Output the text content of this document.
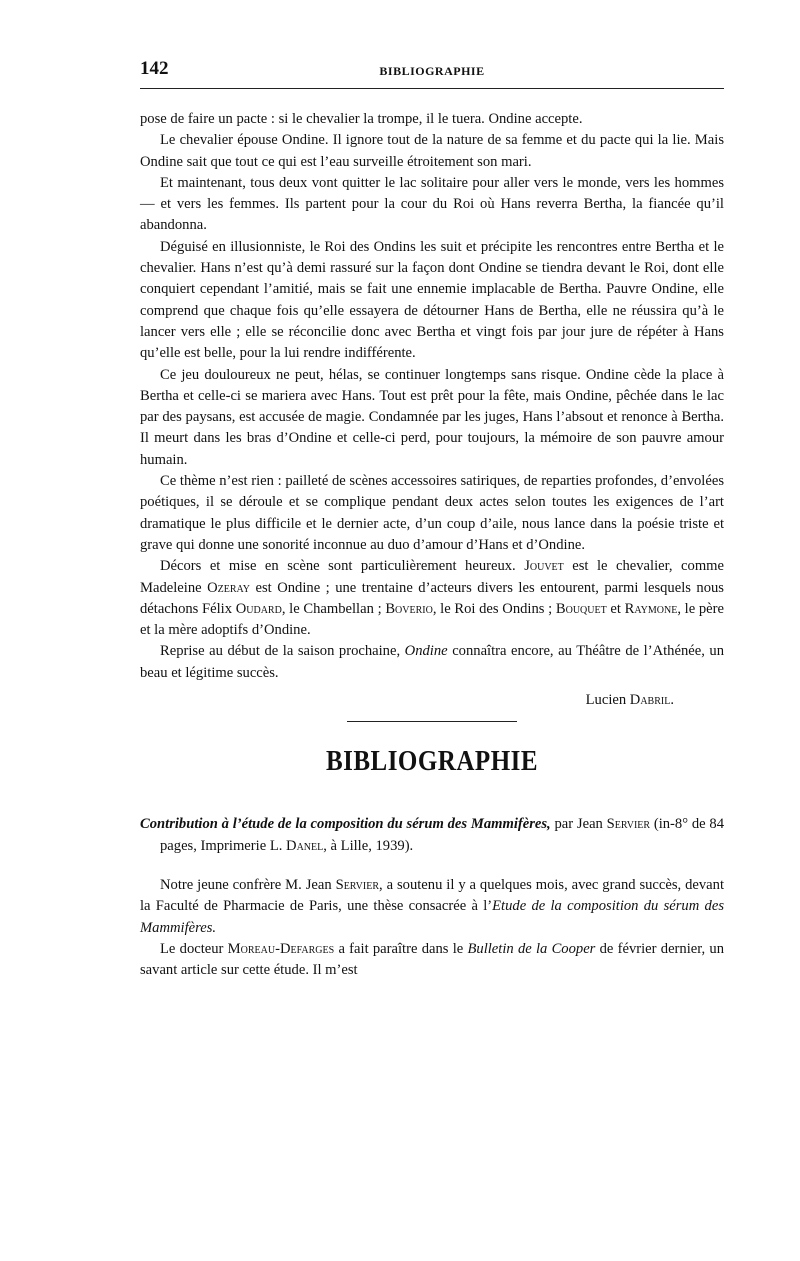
142	BIBLIOGRAPHIE

pose de faire un pacte : si le chevalier la trompe, il le tuera. Ondine accepte.

Le chevalier épouse Ondine. Il ignore tout de la nature de sa femme et du pacte qui la lie. Mais Ondine sait que tout ce qui est l’eau surveille étroitement son mari.

Et maintenant, tous deux vont quitter le lac solitaire pour aller vers le monde, vers les hommes — et vers les femmes. Ils partent pour la cour du Roi où Hans reverra Bertha, la fiancée qu’il abandonna.

Déguisé en illusionniste, le Roi des Ondins les suit et précipite les rencontres entre Bertha et le chevalier. Hans n’est qu’à demi rassuré sur la façon dont Ondine se tiendra devant le Roi, dont elle conquiert cependant l’amitié, mais se fait une ennemie implacable de Bertha. Pauvre Ondine, elle comprend que chaque fois qu’elle essayera de détourner Hans de Bertha, elle ne réussira qu’à le lancer vers elle ; elle se réconcilie donc avec Bertha et vingt fois par jour jure de répéter à Hans qu’elle est belle, pour la lui rendre indifférente.

Ce jeu douloureux ne peut, hélas, se continuer longtemps sans risque. Ondine cède la place à Bertha et celle-ci se mariera avec Hans. Tout est prêt pour la fête, mais Ondine, pêchée dans le lac par des paysans, est accusée de magie. Condamnée par les juges, Hans l’absout et renonce à Bertha. Il meurt dans les bras d’Ondine et celle-ci perd, pour toujours, la mémoire de son pauvre amour humain.

Ce thème n’est rien : pailleté de scènes accessoires satiriques, de reparties profondes, d’envolées poétiques, il se déroule et se complique pendant deux actes selon toutes les exigences de l’art dramatique le plus difficile et le dernier acte, d’un coup d’aile, nous lance dans la poésie triste et grave qui donne une sonorité inconnue au duo d’amour d’Hans et d’Ondine.

Décors et mise en scène sont particulièrement heureux. Jouvet est le chevalier, comme Madeleine Ozeray est Ondine ; une trentaine d’acteurs divers les entourent, parmi lesquels nous détachons Félix Oudard, le Chambellan ; Boverio, le Roi des Ondins ; Bouquet et Raymone, le père et la mère adoptifs d’Ondine.

Reprise au début de la saison prochaine, Ondine connaîtra encore, au Théâtre de l’Athénée, un beau et légitime succès.

Lucien Dabril.
BIBLIOGRAPHIE
Contribution à l’étude de la composition du sérum des Mammifères, par Jean Servier (in-8° de 84 pages, Imprimerie L. Danel, à Lille, 1939).

Notre jeune confrère M. Jean Servier, a soutenu il y a quelques mois, avec grand succès, devant la Faculté de Pharmacie de Paris, une thèse consacrée à l’Etude de la composition du sérum des Mammifères.

Le docteur Moreau-Defarges a fait paraître dans le Bulletin de la Cooper de février dernier, un savant article sur cette étude. Il m’est
